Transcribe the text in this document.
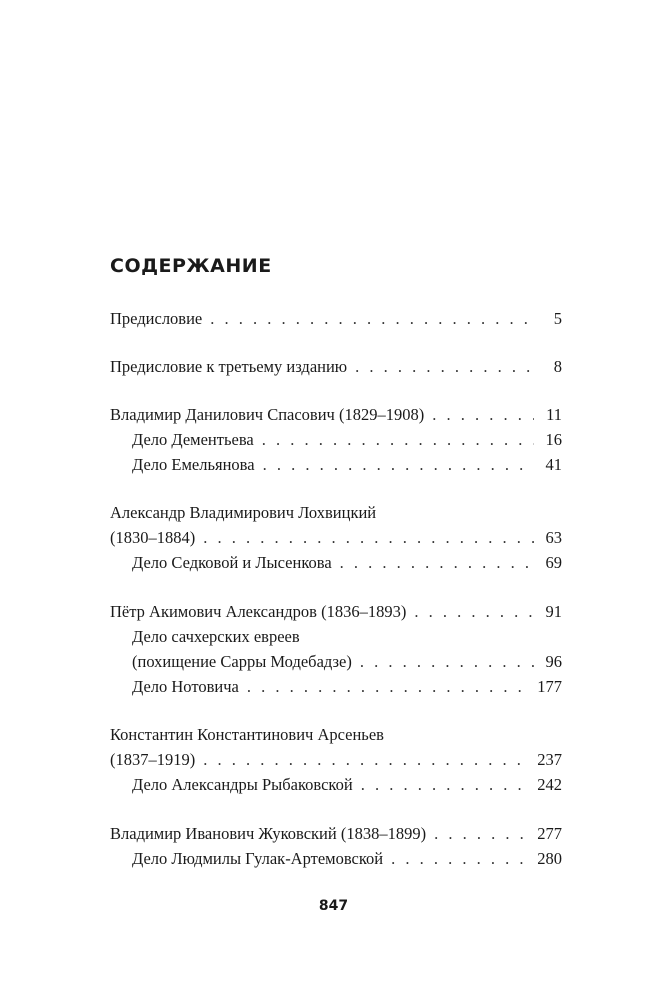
СОДЕРЖАНИЕ
Предисловие . . .	5
Предисловие к третьему изданию . . .	8
Владимир Данилович Спасович (1829–1908) . . .	11
Дело Дементьева . . .	16
Дело Емельянова . . .	41
Александр Владимирович Лохвицкий
(1830–1884) . . .	63
Дело Седковой и Лысенкова . . .	69
Пётр Акимович Александров (1836–1893) . . .	91
Дело сачхерских евреев
(похищение Сарры Модебадзе) . . .	96
Дело Нотовича . . .	177
Константин Константинович Арсеньев
(1837–1919) . . .	237
Дело Александры Рыбаковской . . .	242
Владимир Иванович Жуковский (1838–1899) . . .	277
Дело Людмилы Гулак-Артемовской . . .	280
847
